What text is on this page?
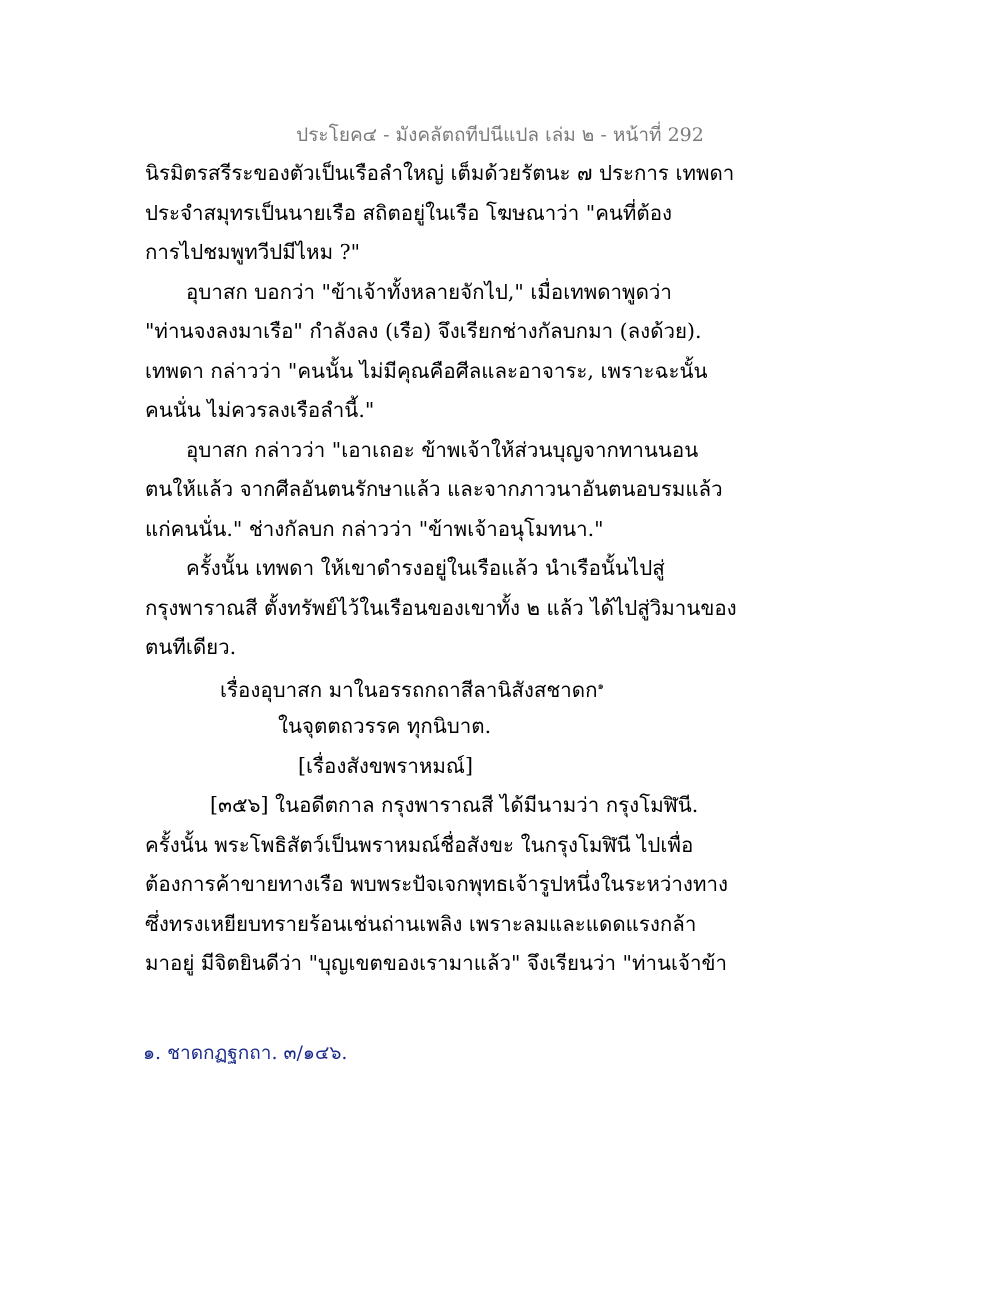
ประโยค๔ - มังคลัตถทีปนีแปล เล่ม ๒ - หน้าที่ 292
นิรมิตรสรีระของตัวเป็นเรือลำใหญ่ เต็มด้วยรัตนะ ๗ ประการ เทพดา
ประจำสมุทรเป็นนายเรือ สถิตอยู่ในเรือ โฆษณาว่า "คนที่ต้อง
การไปชมพูทวีปมีไหม ?"
อุบาสก บอกว่า "ข้าเจ้าทั้งหลายจักไป," เมื่อเทพดาพูดว่า
"ท่านจงลงมาเรือ" กำลังลง (เรือ) จึงเรียกช่างกัลบกมา (ลงด้วย).
เทพดา กล่าวว่า "คนนั้น ไม่มีคุณคือศีลและอาจาระ, เพราะฉะนั้น
คนนั่น ไม่ควรลงเรือลำนี้."
อุบาสก กล่าวว่า "เอาเถอะ ข้าพเจ้าให้ส่วนบุญจากทานนอน
ตนให้แล้ว จากศีลอันตนรักษาแล้ว และจากภาวนาอันตนอบรมแล้ว
แก่คนนั่น." ช่างกัลบก กล่าวว่า "ข้าพเจ้าอนุโมทนา."
ครั้งนั้น เทพดา ให้เขาดำรงอยู่ในเรือแล้ว นำเรือนั้นไปสู่
กรุงพาราณสี ตั้งทรัพย์ไว้ในเรือนของเขาทั้ง ๒ แล้ว ได้ไปสู่วิมานของ
ตนทีเดียว.
เรื่องอุบาสก มาในอรรถกถาสีลานิสังสชาดก$^๑$
ในจุตตถวรรค ทุกนิบาต.
[เรื่องสังขพราหมณ์]
[๓๕๖] ในอดีตกาล กรุงพาราณสี ได้มีนามว่า กรุงโมฬินี.
ครั้งนั้น พระโพธิสัตว์เป็นพราหมณ์ชื่อสังขะ ในกรุงโมฬินี ไปเพื่อ
ต้องการค้าขายทางเรือ พบพระปัจเจกพุทธเจ้ารูปหนึ่งในระหว่างทาง
ซึ่งทรงเหยียบทรายร้อนเช่นถ่านเพลิง เพราะลมและแดดแรงกล้า
มาอยู่ มีจิตยินดีว่า "บุญเขตของเรามาแล้ว" จึงเรียนว่า "ท่านเจ้าข้า
๑. ชาดกฏฐกถา. ๓/๑๔๖.
